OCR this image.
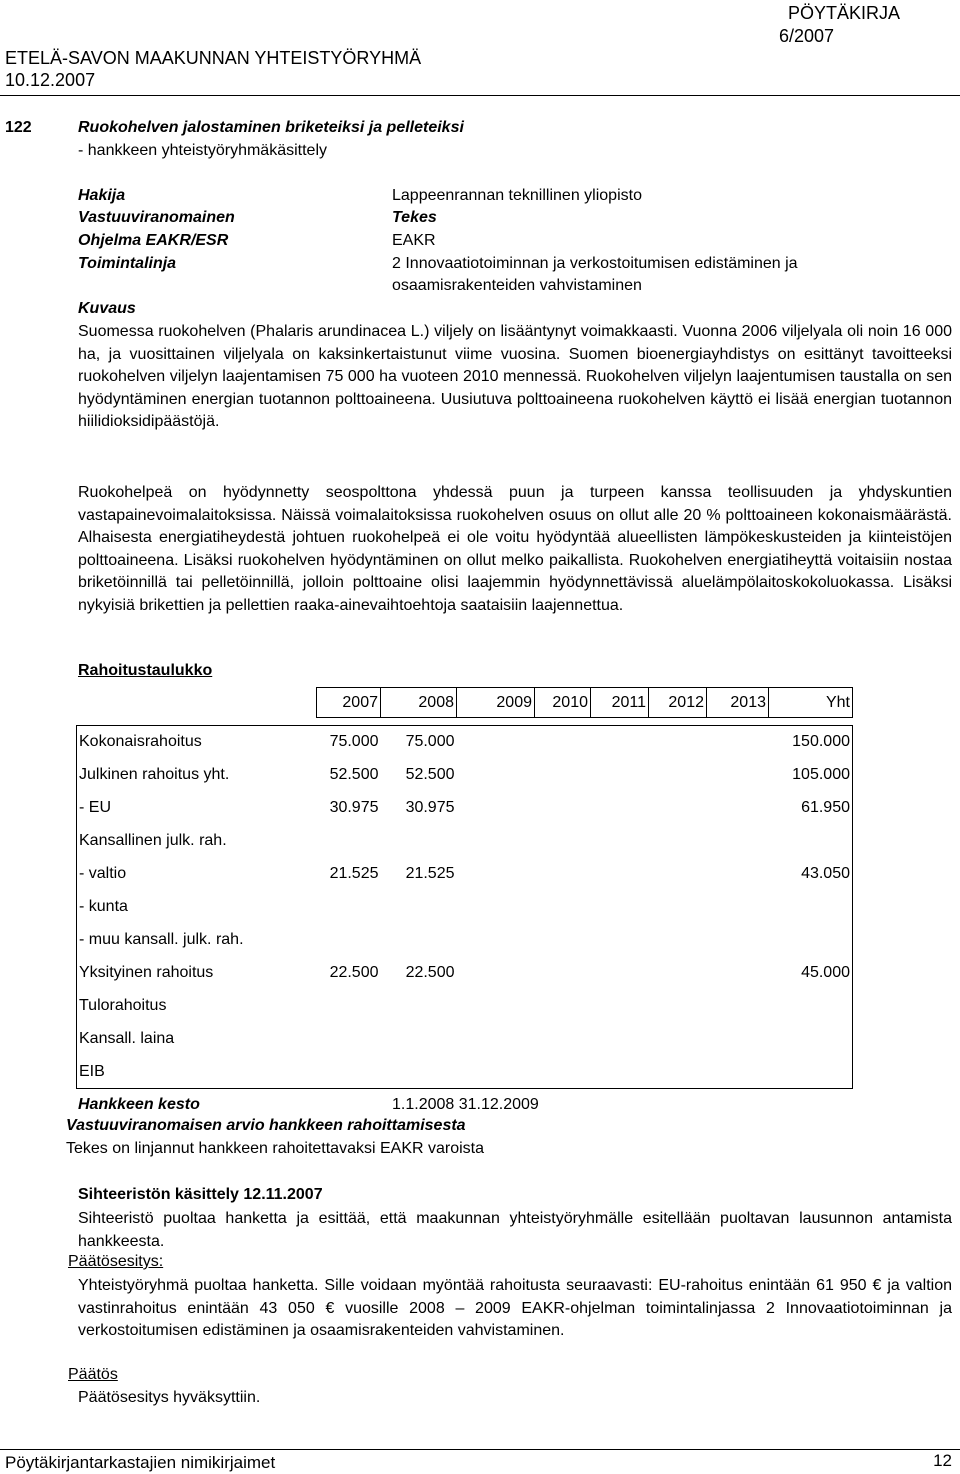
PÖYTÄKIRJA
6/2007
ETELÄ-SAVON MAAKUNNAN YHTEISTYÖRYHMÄ
10.12.2007
122	Ruokohelven jalostaminen briketeiksi ja pelleteiksi
- hankkeen yhteistyöryhmäkäsittely
Hakija	Lappeenrannan teknillinen yliopisto
Vastuuviranomainen	Tekes
Ohjelma EAKR/ESR	EAKR
Toimintalinja	2 Innovaatiotoiminnan ja verkostoitumisen edistäminen ja
osaamisrakenteiden vahvistaminen
Kuvaus
Suomessa ruokohelven (Phalaris arundinacea L.) viljely on lisääntynyt voimakkaasti. Vuonna 2006 viljelyala oli noin 16 000 ha, ja vuosittainen viljelyala on kaksinkertaistunut viime vuosina. Suomen bioenergiayhdistys on esittänyt tavoitteeksi ruokohelven viljelyn laajentamisen 75 000 ha vuoteen 2010 mennessä. Ruokohelven viljelyn laajentumisen taustalla on sen hyödyntäminen energian tuotannon polttoaineena. Uusiutuva polttoaineena ruokohelven käyttö ei lisää energian tuotannon hiilidioksidipäästöjä.
Ruokohelpeä on hyödynnetty seospolttona yhdessä puun ja turpeen kanssa teollisuuden ja yhdyskuntien vastapainevoimalaitoksissa. Näissä voimalaitoksissa ruokohelven osuus on ollut alle 20 % polttoaineen kokonaismäärästä. Alhaisesta energiatiheydestä johtuen ruokohelpeä ei ole voitu hyödyntää alueellisten lämpökeskusteiden ja kiinteistöjen polttoaineena. Lisäksi ruokohelven hyödyntäminen on ollut melko paikallista. Ruokohelven energiatiheyttä voitaisiin nostaa briketöinnillä tai pelletöinnillä, jolloin polttoaine olisi laajemmin hyödynnettävissä aluelämpölaitoskokoluokassa. Lisäksi nykyisiä brikettien ja pellettien raaka-ainevaihtoehtoja saataisiin laajennettua.
Rahoitustaulukko
	2007	2008	2009	2010	2011	2012	2013	Yht

Kokonaisrahoitus	75.000	75.000						150.000
Julkinen rahoitus yht.	52.500	52.500						105.000
- EU	30.975	30.975						61.950
Kansallinen julk. rah.								
- valtio	21.525	21.525						43.050
- kunta								
- muu kansall. julk. rah.								
Yksityinen rahoitus	22.500	22.500						45.000
Tulorahoitus								
Kansall. laina								
EIB								
Hankkeen kesto	1.1.2008 31.12.2009
Vastuuviranomaisen arvio hankkeen rahoittamisesta
Tekes on linjannut hankkeen rahoitettavaksi EAKR varoista
Sihteeristön käsittely 12.11.2007
Sihteeristö puoltaa hanketta ja esittää, että maakunnan yhteistyöryhmälle esitellään puoltavan lausunnon antamista hankkeesta.
Päätösesitys:
Yhteistyöryhmä puoltaa hanketta. Sille voidaan myöntää rahoitusta seuraavasti: EU-rahoitus enintään 61 950 € ja valtion vastinrahoitus enintään 43 050 € vuosille 2008 – 2009 EAKR-ohjelman toimintalinjassa 2 Innovaatiotoiminnan ja verkostoitumisen edistäminen ja osaamisrakenteiden vahvistaminen.
Päätös
Päätösesitys hyväksyttiin.
Pöytäkirjantarkastajien nimikirjaimet	12
